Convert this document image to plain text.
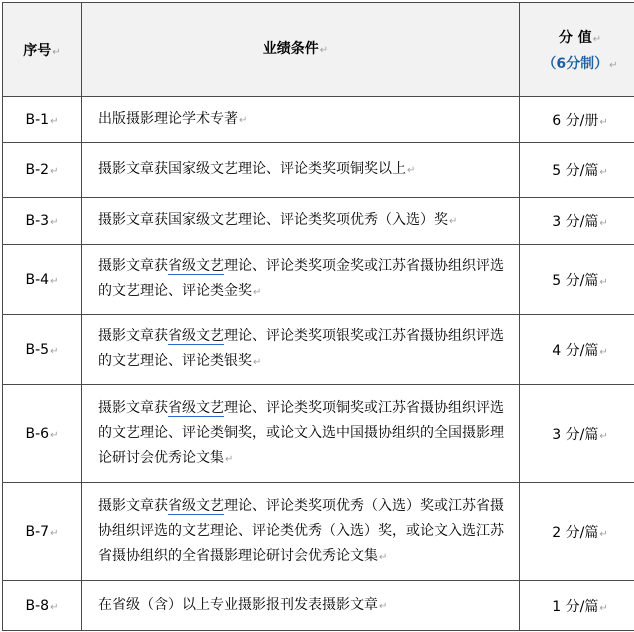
序号↵	业绩条件↵	分 值↵
（6分制）↵

B-1↵	出版摄影理论学术专著↵	6 分/册↵
B-2↵	摄影文章获国家级文艺理论、评论类奖项铜奖以上↵	5 分/篇↵
B-3↵	摄影文章获国家级文艺理论、评论类奖项优秀（入选）奖↵	3 分/篇↵
B-4↵	摄影文章获省级文艺理论、评论类奖项金奖或江苏省摄协组织评选的文艺理论、评论类金奖↵	5 分/篇↵
B-5↵	摄影文章获省级文艺理论、评论类奖项银奖或江苏省摄协组织评选的文艺理论、评论类银奖↵	4 分/篇↵
B-6↵	摄影文章获省级文艺理论、评论类奖项铜奖或江苏省摄协组织评选的文艺理论、评论类铜奖，或论文入选中国摄协组织的全国摄影理论研讨会优秀论文集↵	3 分/篇↵
B-7↵	摄影文章获省级文艺理论、评论类奖项优秀（入选）奖或江苏省摄协组织评选的文艺理论、评论类优秀（入选）奖，或论文入选江苏省摄协组织的全省摄影理论研讨会优秀论文集↵	2 分/篇↵
B-8↵	在省级（含）以上专业摄影报刊发表摄影文章↵	1 分/篇↵
